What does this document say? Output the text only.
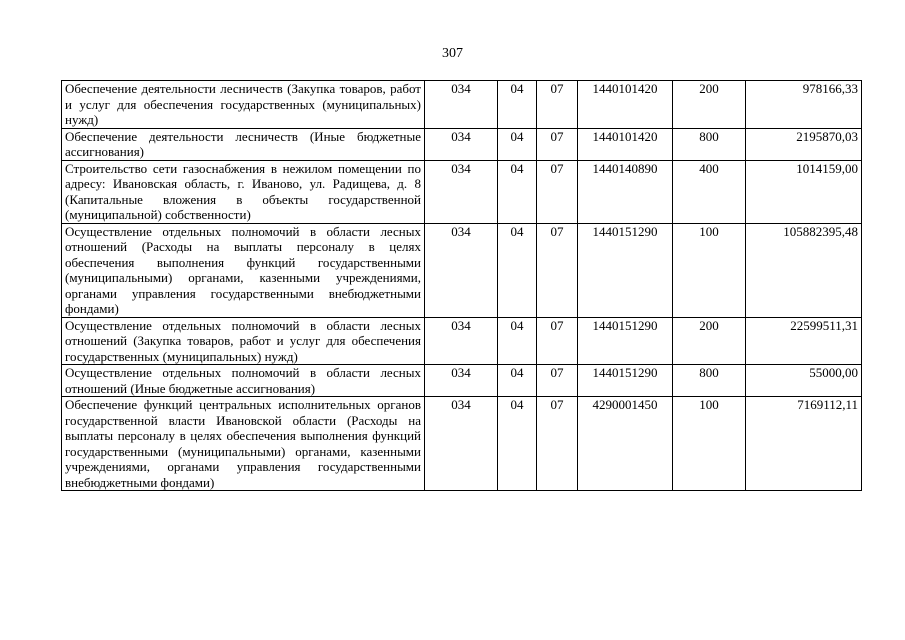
307
Обеспечение деятельности лесничеств (Закупка товаров, работ и услуг для обеспечения государственных (муниципальных) нужд)	034	04	07	1440101420	200	978166,33
Обеспечение деятельности лесничеств (Иные бюджетные ассигнования)	034	04	07	1440101420	800	2195870,03
Строительство сети газоснабжения в нежилом помещении по адресу: Ивановская область, г. Иваново, ул. Радищева, д. 8 (Капитальные вложения в объекты государственной (муниципальной) собственности)	034	04	07	1440140890	400	1014159,00
Осуществление отдельных полномочий в области лесных отношений (Расходы на выплаты персоналу в целях обеспечения выполнения функций государственными (муниципальными) органами, казенными учреждениями, органами управления государственными внебюджетными фондами)	034	04	07	1440151290	100	105882395,48
Осуществление отдельных полномочий в области лесных отношений (Закупка товаров, работ и услуг для обеспечения государственных (муниципальных) нужд)	034	04	07	1440151290	200	22599511,31
Осуществление отдельных полномочий в области лесных отношений (Иные бюджетные ассигнования)	034	04	07	1440151290	800	55000,00
Обеспечение функций центральных исполнительных органов государственной власти Ивановской области (Расходы на выплаты персоналу в целях обеспечения выполнения функций государственными (муниципальными) органами, казенными учреждениями, органами управления государственными внебюджетными фондами)	034	04	07	4290001450	100	7169112,11
